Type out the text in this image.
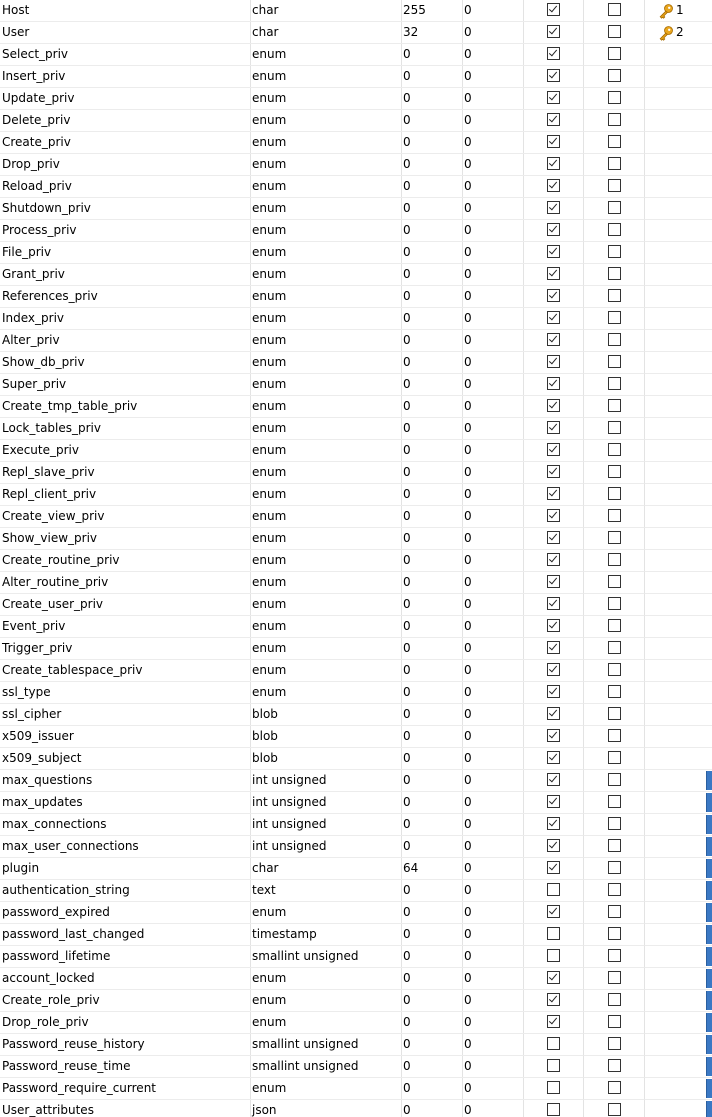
Host	char	255	0	1
User	char	32	0	2
Select_priv	enum	0	0
Insert_priv	enum	0	0
Update_priv	enum	0	0
Delete_priv	enum	0	0
Create_priv	enum	0	0
Drop_priv	enum	0	0
Reload_priv	enum	0	0
Shutdown_priv	enum	0	0
Process_priv	enum	0	0
File_priv	enum	0	0
Grant_priv	enum	0	0
References_priv	enum	0	0
Index_priv	enum	0	0
Alter_priv	enum	0	0
Show_db_priv	enum	0	0
Super_priv	enum	0	0
Create_tmp_table_priv	enum	0	0
Lock_tables_priv	enum	0	0
Execute_priv	enum	0	0
Repl_slave_priv	enum	0	0
Repl_client_priv	enum	0	0
Create_view_priv	enum	0	0
Show_view_priv	enum	0	0
Create_routine_priv	enum	0	0
Alter_routine_priv	enum	0	0
Create_user_priv	enum	0	0
Event_priv	enum	0	0
Trigger_priv	enum	0	0
Create_tablespace_priv	enum	0	0
ssl_type	enum	0	0
ssl_cipher	blob	0	0
x509_issuer	blob	0	0
x509_subject	blob	0	0
max_questions	int unsigned	0	0
max_updates	int unsigned	0	0
max_connections	int unsigned	0	0
max_user_connections	int unsigned	0	0
plugin	char	64	0
authentication_string	text	0	0
password_expired	enum	0	0
password_last_changed	timestamp	0	0
password_lifetime	smallint unsigned	0	0
account_locked	enum	0	0
Create_role_priv	enum	0	0
Drop_role_priv	enum	0	0
Password_reuse_history	smallint unsigned	0	0
Password_reuse_time	smallint unsigned	0	0
Password_require_current	enum	0	0
User_attributes	json	0	0
